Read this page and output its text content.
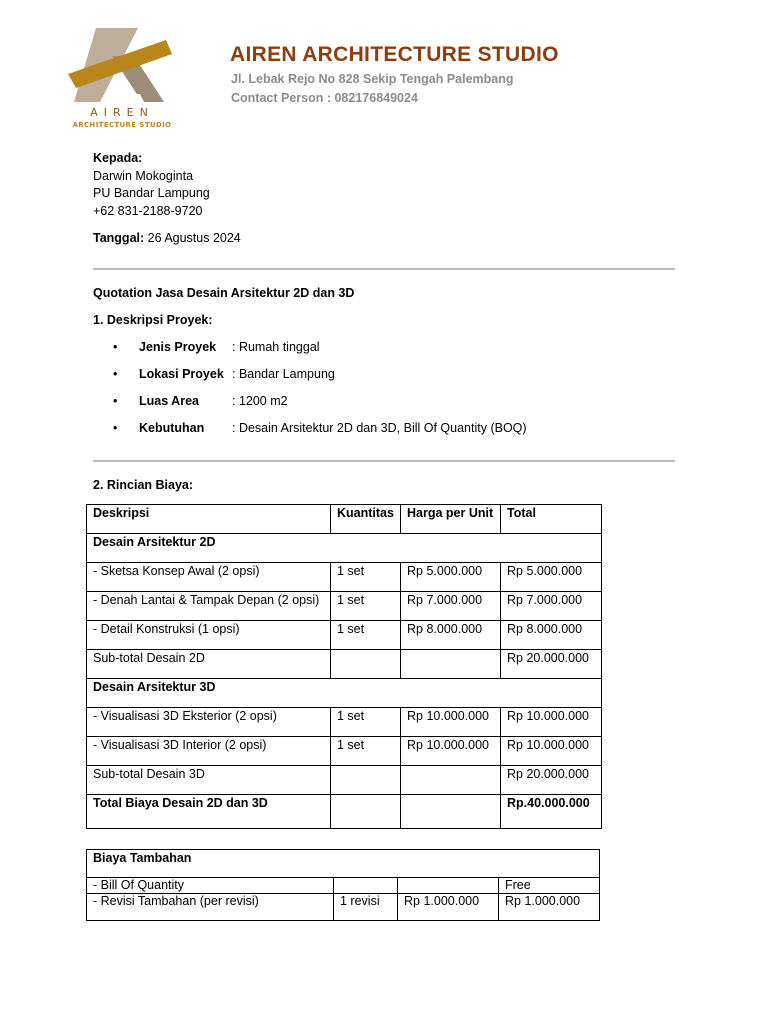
AIREN
ARCHITECTURE STUDIO
AIREN ARCHITECTURE STUDIO
Jl. Lebak Rejo No 828 Sekip Tengah Palembang
Contact Person : 082176849024

Kepada:

Darwin Mokoginta

PU Bandar Lampung

+62 831-2188-9720

Tanggal: 26 Agustus 2024

Quotation Jasa Desain Arsitektur 2D dan 3D

1. Deskripsi Proyek:

• Jenis Proyek : Rumah tinggal
• Lokasi Proyek : Bandar Lampung
• Luas Area	: 1200 m2
• Kebutuhan : Desain Arsitektur 2D dan 3D, Bill Of Quantity (BOQ)

2. Rincian Biaya:

Deskripsi	Kuantitas	Harga per Unit	Total
Desain Arsitektur 2D			
- Sketsa Konsep Awal (2 opsi)	1 set	Rp 5.000.000	Rp 5.000.000
- Denah Lantai & Tampak Depan (2 opsi)	1 set	Rp 7.000.000	Rp 7.000.000
- Detail Konstruksi (1 opsi)	1 set	Rp 8.000.000	Rp 8.000.000
Sub-total Desain 2D			Rp 20.000.000
Desain Arsitektur 3D			
- Visualisasi 3D Eksterior (2 opsi)	1 set	Rp 10.000.000	Rp 10.000.000
- Visualisasi 3D Interior (2 opsi)	1 set	Rp 10.000.000	Rp 10.000.000
Sub-total Desain 3D			Rp 20.000.000
Total Biaya Desain 2D dan 3D			Rp.40.000.000
Biaya Tambahan			
- Bill Of Quantity			Free
- Revisi Tambahan (per revisi)	1 revisi	Rp 1.000.000	Rp 1.000.000
